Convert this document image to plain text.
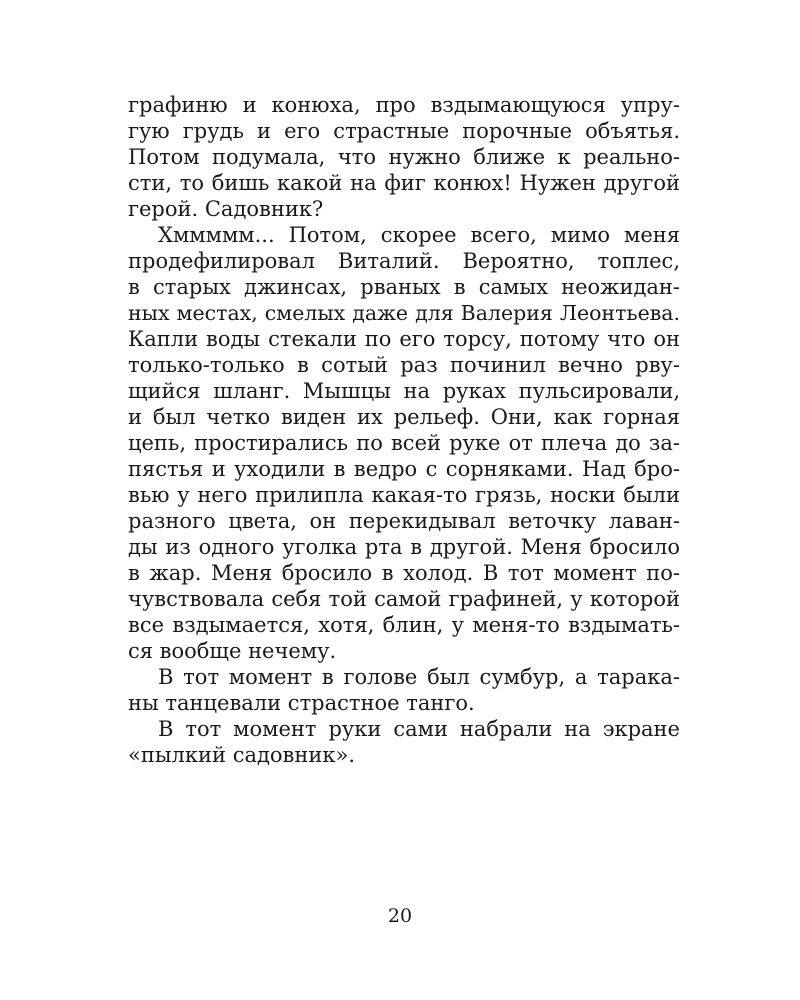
графиню и конюха, про вздымающуюся упру-
гую грудь и его страстные порочные объятья.
Потом подумала, что нужно ближе к реально-
сти, то бишь какой на фиг конюх! Нужен другой
герой. Садовник?
Хммммм... Потом, скорее всего, мимо меня
продефилировал Виталий. Вероятно, топлес,
в старых джинсах, рваных в самых неожидан-
ных местах, смелых даже для Валерия Леонтьева.
Капли воды стекали по его торсу, потому что он
только-только в сотый раз починил вечно рву-
щийся шланг. Мышцы на руках пульсировали,
и был четко виден их рельеф. Они, как горная
цепь, простирались по всей руке от плеча до за-
пястья и уходили в ведро с сорняками. Над бро-
вью у него прилипла какая-то грязь, носки были
разного цвета, он перекидывал веточку лаван-
ды из одного уголка рта в другой. Меня бросило
в жар. Меня бросило в холод. В тот момент по-
чувствовала себя той самой графиней, у которой
все вздымается, хотя, блин, у меня-то вздымать-
ся вообще нечему.
В тот момент в голове был сумбур, а тарака-
ны танцевали страстное танго.
В тот момент руки сами набрали на экране
«пылкий садовник».
20
